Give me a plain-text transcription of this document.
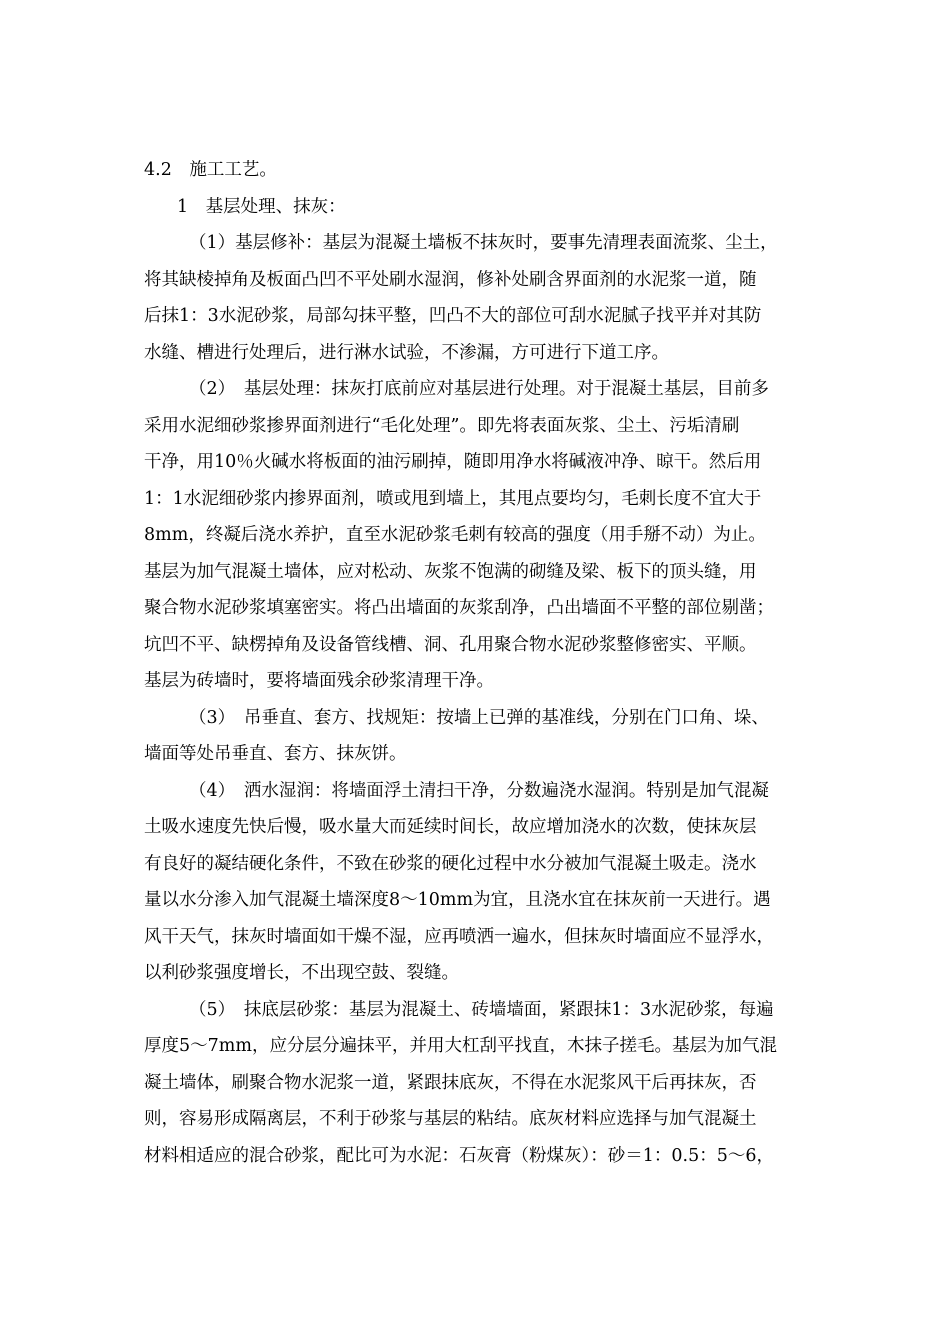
4.2　施工工艺。
1　基层处理、抹灰：
（1）基层修补：基层为混凝土墙板不抹灰时，要事先清理表面流浆、尘土，
将其缺棱掉角及板面凸凹不平处刷水湿润，修补处刷含界面剂的水泥浆一道，随
后抹1：3水泥砂浆，局部勾抹平整，凹凸不大的部位可刮水泥腻子找平并对其防
水缝、槽进行处理后，进行淋水试验，不渗漏，方可进行下道工序。
（2）　基层处理：抹灰打底前应对基层进行处理。对于混凝土基层，目前多
采用水泥细砂浆掺界面剂进行“毛化处理”。即先将表面灰浆、尘土、污垢清刷
干净，用10％火碱水将板面的油污刷掉，随即用净水将碱液冲净、晾干。然后用
1：1水泥细砂浆内掺界面剂，喷或甩到墙上，其甩点要均匀，毛刺长度不宜大于
8mm，终凝后浇水养护，直至水泥砂浆毛刺有较高的强度（用手掰不动）为止。
基层为加气混凝土墙体，应对松动、灰浆不饱满的砌缝及梁、板下的顶头缝，用
聚合物水泥砂浆填塞密实。将凸出墙面的灰浆刮净，凸出墙面不平整的部位剔凿；
坑凹不平、缺楞掉角及设备管线槽、洞、孔用聚合物水泥砂浆整修密实、平顺。
基层为砖墙时，要将墙面残余砂浆清理干净。
（3）　吊垂直、套方、找规矩：按墙上已弹的基准线，分别在门口角、垛、
墙面等处吊垂直、套方、抹灰饼。
（4）　洒水湿润：将墙面浮土清扫干净，分数遍浇水湿润。特别是加气混凝
土吸水速度先快后慢，吸水量大而延续时间长，故应增加浇水的次数，使抹灰层
有良好的凝结硬化条件，不致在砂浆的硬化过程中水分被加气混凝土吸走。浇水
量以水分渗入加气混凝土墙深度8～10mm为宜，且浇水宜在抹灰前一天进行。遇
风干天气，抹灰时墙面如干燥不湿，应再喷洒一遍水，但抹灰时墙面应不显浮水，
以利砂浆强度增长，不出现空鼓、裂缝。
（5）　抹底层砂浆：基层为混凝土、砖墙墙面，紧跟抹1：3水泥砂浆，每遍
厚度5～7mm，应分层分遍抹平，并用大杠刮平找直，木抹子搓毛。基层为加气混
凝土墙体，刷聚合物水泥浆一道，紧跟抹底灰，不得在水泥浆风干后再抹灰，否
则，容易形成隔离层，不利于砂浆与基层的粘结。底灰材料应选择与加气混凝土
材料相适应的混合砂浆，配比可为水泥：石灰膏（粉煤灰）：砂＝1：0.5：5～6，
